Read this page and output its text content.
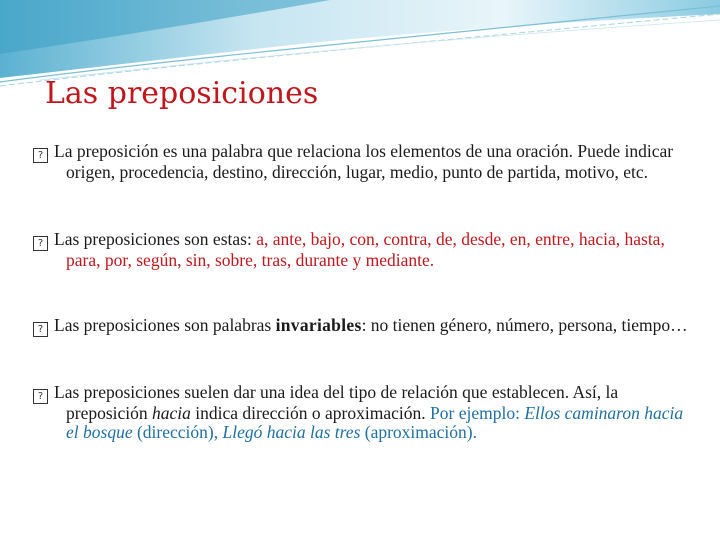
Las preposiciones
? La preposición es una palabra que relaciona los elementos de una oración. Puede indicar origen, procedencia, destino, dirección, lugar, medio, punto de partida, motivo, etc.
? Las preposiciones son estas: a, ante, bajo, con, contra, de, desde, en, entre, hacia, hasta, para, por, según, sin, sobre, tras, durante y mediante.
? Las preposiciones son palabras invariables: no tienen género, número, persona, tiempo…
? Las preposiciones suelen dar una idea del tipo de relación que establecen. Así, la preposición hacia indica dirección o aproximación. Por ejemplo: Ellos caminaron hacia el bosque (dirección), Llegó hacia las tres (aproximación).
